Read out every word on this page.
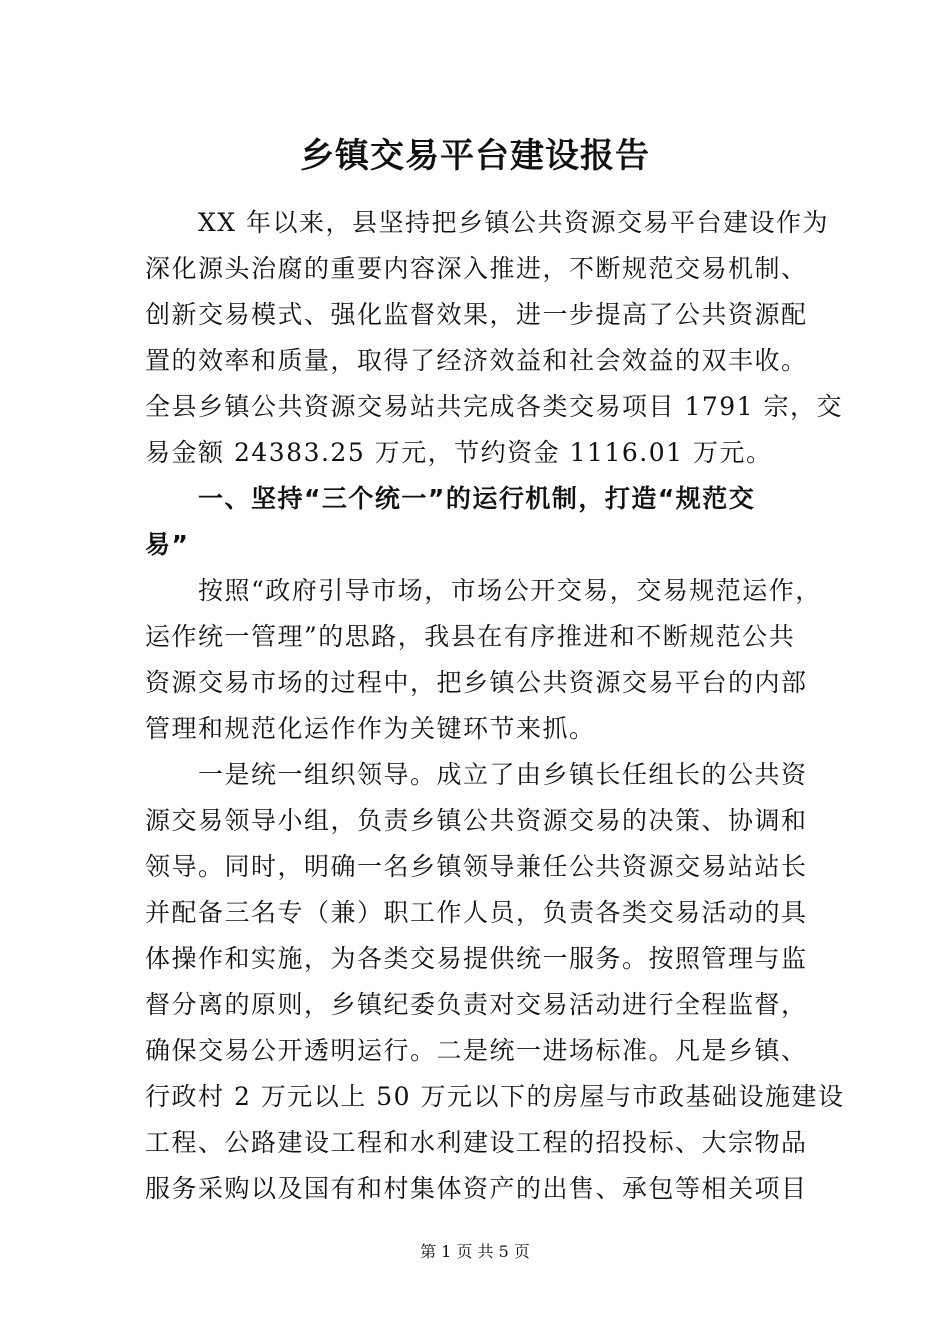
乡镇交易平台建设报告
　　XX 年以来，县坚持把乡镇公共资源交易平台建设作为
深化源头治腐的重要内容深入推进，不断规范交易机制、
创新交易模式、强化监督效果，进一步提高了公共资源配
置的效率和质量，取得了经济效益和社会效益的双丰收。
全县乡镇公共资源交易站共完成各类交易项目 1791 宗，交
易金额 24383.25 万元，节约资金 1116.01 万元。
　　一、坚持“三个统一”的运行机制，打造“规范交
易”
　　按照“政府引导市场，市场公开交易，交易规范运作，
运作统一管理”的思路，我县在有序推进和不断规范公共
资源交易市场的过程中，把乡镇公共资源交易平台的内部
管理和规范化运作作为关键环节来抓。
　　一是统一组织领导。成立了由乡镇长任组长的公共资
源交易领导小组，负责乡镇公共资源交易的决策、协调和
领导。同时，明确一名乡镇领导兼任公共资源交易站站长
并配备三名专（兼）职工作人员，负责各类交易活动的具
体操作和实施，为各类交易提供统一服务。按照管理与监
督分离的原则，乡镇纪委负责对交易活动进行全程监督，
确保交易公开透明运行。二是统一进场标准。凡是乡镇、
行政村 2 万元以上 50 万元以下的房屋与市政基础设施建设
工程、公路建设工程和水利建设工程的招投标、大宗物品
服务采购以及国有和村集体资产的出售、承包等相关项目
第 1 页 共 5 页
